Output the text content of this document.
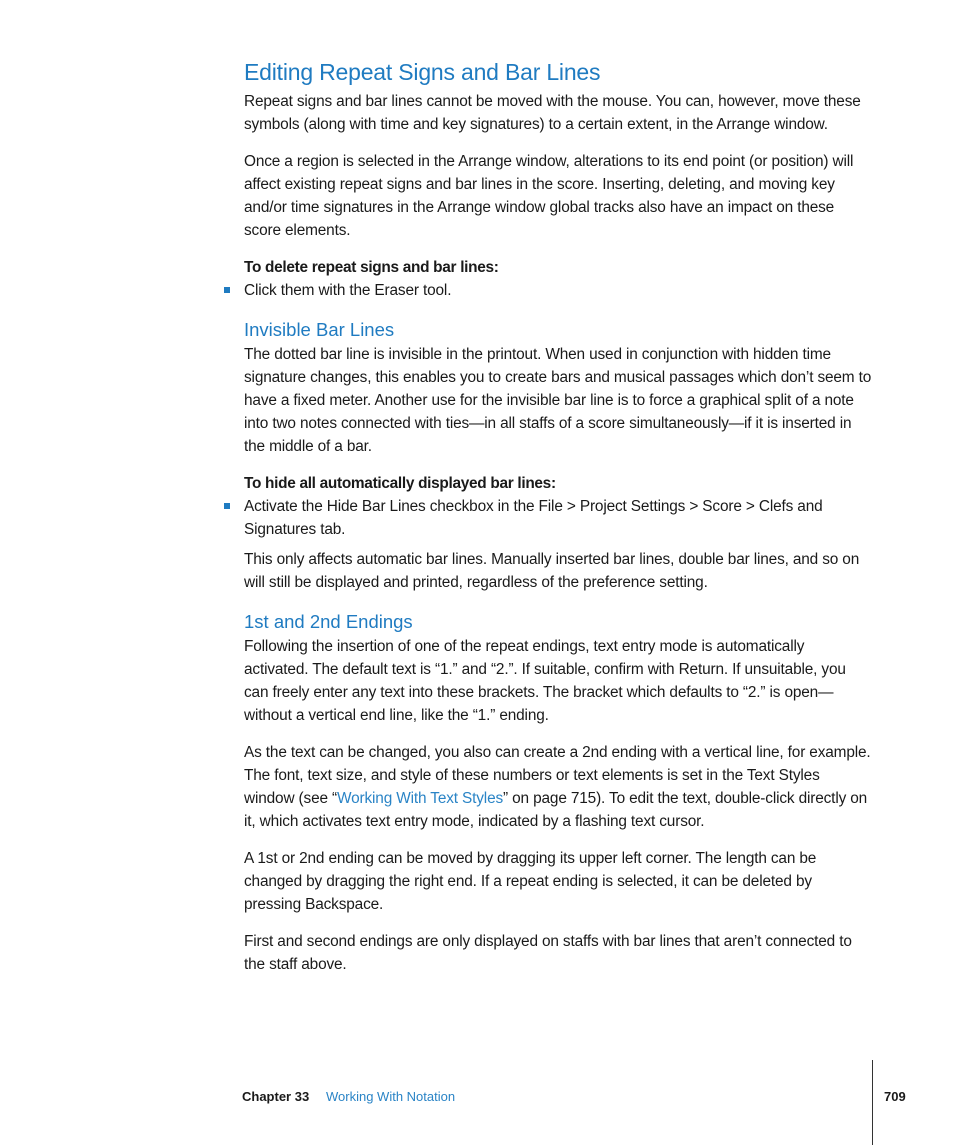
Editing Repeat Signs and Bar Lines

Repeat signs and bar lines cannot be moved with the mouse. You can, however, move these symbols (along with time and key signatures) to a certain extent, in the Arrange window.

Once a region is selected in the Arrange window, alterations to its end point (or position) will affect existing repeat signs and bar lines in the score. Inserting, deleting, and moving key and/or time signatures in the Arrange window global tracks also have an impact on these score elements.

To delete repeat signs and bar lines:

Click them with the Eraser tool.

Invisible Bar Lines

The dotted bar line is invisible in the printout. When used in conjunction with hidden time signature changes, this enables you to create bars and musical passages which don’t seem to have a fixed meter. Another use for the invisible bar line is to force a graphical split of a note into two notes connected with ties—in all staffs of a score simultaneously—if it is inserted in the middle of a bar.

To hide all automatically displayed bar lines:

Activate the Hide Bar Lines checkbox in the File > Project Settings > Score > Clefs and Signatures tab.

This only affects automatic bar lines. Manually inserted bar lines, double bar lines, and so on will still be displayed and printed, regardless of the preference setting.

1st and 2nd Endings

Following the insertion of one of the repeat endings, text entry mode is automatically activated. The default text is “1.” and “2.”. If suitable, confirm with Return. If unsuitable, you can freely enter any text into these brackets. The bracket which defaults to “2.” is open—without a vertical end line, like the “1.” ending.

As the text can be changed, you also can create a 2nd ending with a vertical line, for example. The font, text size, and style of these numbers or text elements is set in the Text Styles window (see “Working With Text Styles” on page 715). To edit the text, double-click directly on it, which activates text entry mode, indicated by a flashing text cursor.

A 1st or 2nd ending can be moved by dragging its upper left corner. The length can be changed by dragging the right end. If a repeat ending is selected, it can be deleted by pressing Backspace.

First and second endings are only displayed on staffs with bar lines that aren’t connected to the staff above.

Chapter 33 Working With Notation	709
